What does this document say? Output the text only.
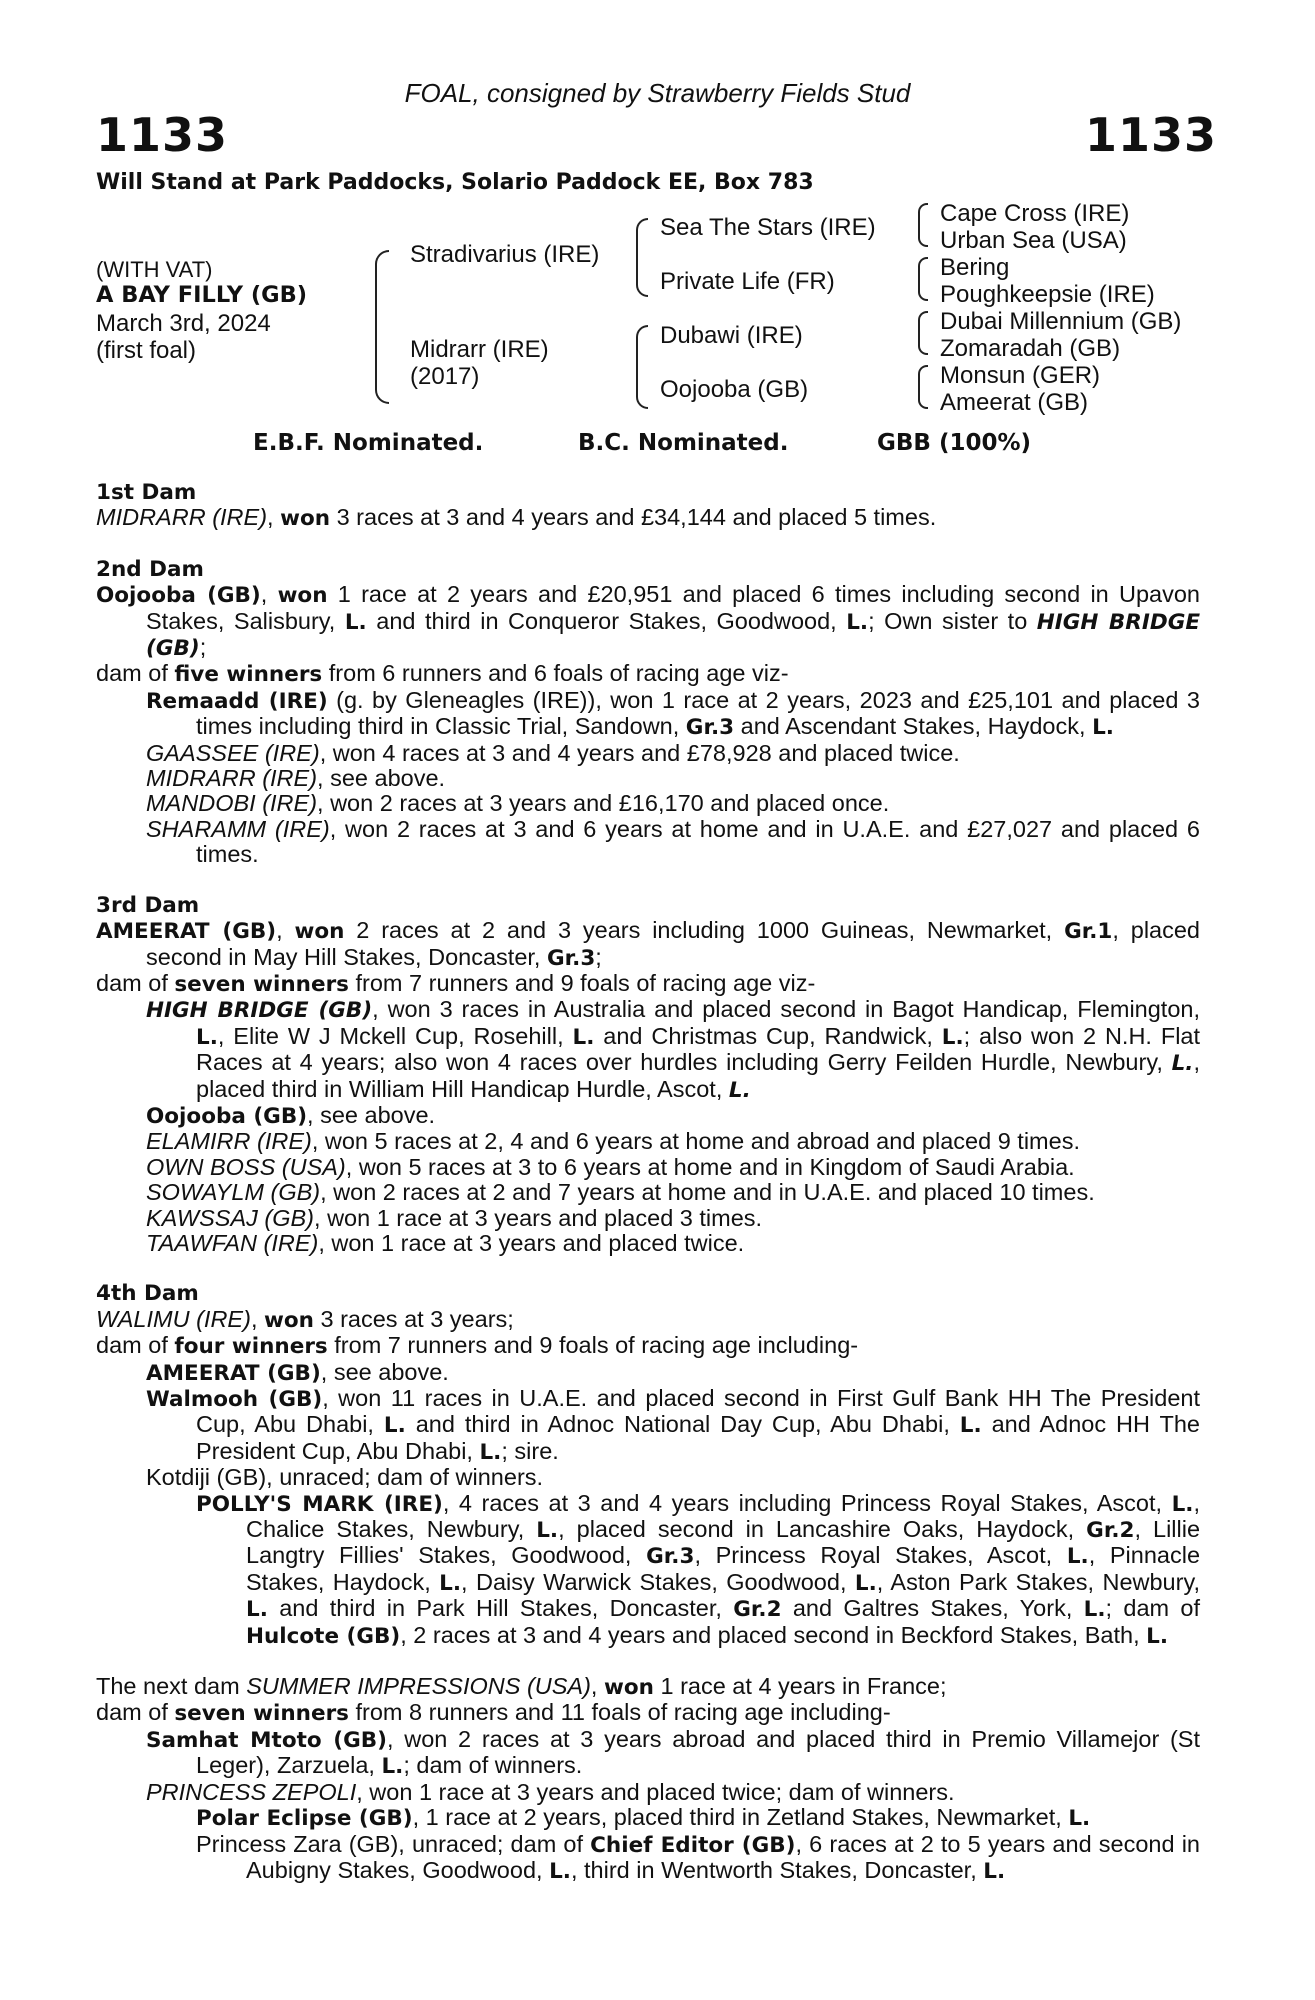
FOAL, consigned by Strawberry Fields Stud
1133	1133
Will Stand at Park Paddocks, Solario Paddock EE, Box 783
(WITH VAT)
A BAY FILLY (GB)
March 3rd, 2024
(first foal)
Stradivarius (IRE)
Midrarr (IRE)
(2017)
Sea The Stars (IRE)
Private Life (FR)
Dubawi (IRE)
Oojooba (GB)
Cape Cross (IRE)
Urban Sea (USA)
Bering
Poughkeepsie (IRE)
Dubai Millennium (GB)
Zomaradah (GB)
Monsun (GER)
Ameerat (GB)
E.B.F. Nominated.	B.C. Nominated.	GBB (100%)

1st Dam

MIDRARR (IRE), won 3 races at 3 and 4 years and £34,144 and placed 5 times.

2nd Dam

Oojooba (GB), won 1 race at 2 years and £20,951 and placed 6 times including second in Upavon Stakes, Salisbury, L. and third in Conqueror Stakes, Goodwood, L.; Own sister to HIGH BRIDGE (GB);

dam of five winners from 6 runners and 6 foals of racing age viz-

Remaadd (IRE) (g. by Gleneagles (IRE)), won 1 race at 2 years, 2023 and £25,101 and placed 3 times including third in Classic Trial, Sandown, Gr.3 and Ascendant Stakes, Haydock, L.

GAASSEE (IRE), won 4 races at 3 and 4 years and £78,928 and placed twice.

MIDRARR (IRE), see above.

MANDOBI (IRE), won 2 races at 3 years and £16,170 and placed once.

SHARAMM (IRE), won 2 races at 3 and 6 years at home and in U.A.E. and £27,027 and placed 6 times.

3rd Dam

AMEERAT (GB), won 2 races at 2 and 3 years including 1000 Guineas, Newmarket, Gr.1, placed second in May Hill Stakes, Doncaster, Gr.3;

dam of seven winners from 7 runners and 9 foals of racing age viz-

HIGH BRIDGE (GB), won 3 races in Australia and placed second in Bagot Handicap, Flemington, L., Elite W J Mckell Cup, Rosehill, L. and Christmas Cup, Randwick, L.; also won 2 N.H. Flat Races at 4 years; also won 4 races over hurdles including Gerry Feilden Hurdle, Newbury, L., placed third in William Hill Handicap Hurdle, Ascot, L.

Oojooba (GB), see above.

ELAMIRR (IRE), won 5 races at 2, 4 and 6 years at home and abroad and placed 9 times.

OWN BOSS (USA), won 5 races at 3 to 6 years at home and in Kingdom of Saudi Arabia.

SOWAYLM (GB), won 2 races at 2 and 7 years at home and in U.A.E. and placed 10 times.

KAWSSAJ (GB), won 1 race at 3 years and placed 3 times.

TAAWFAN (IRE), won 1 race at 3 years and placed twice.

4th Dam

WALIMU (IRE), won 3 races at 3 years;

dam of four winners from 7 runners and 9 foals of racing age including-

AMEERAT (GB), see above.

Walmooh (GB), won 11 races in U.A.E. and placed second in First Gulf Bank HH The President Cup, Abu Dhabi, L. and third in Adnoc National Day Cup, Abu Dhabi, L. and Adnoc HH The President Cup, Abu Dhabi, L.; sire.

Kotdiji (GB), unraced; dam of winners.

POLLY'S MARK (IRE), 4 races at 3 and 4 years including Princess Royal Stakes, Ascot, L., Chalice Stakes, Newbury, L., placed second in Lancashire Oaks, Haydock, Gr.2, Lillie Langtry Fillies' Stakes, Goodwood, Gr.3, Princess Royal Stakes, Ascot, L., Pinnacle Stakes, Haydock, L., Daisy Warwick Stakes, Goodwood, L., Aston Park Stakes, Newbury, L. and third in Park Hill Stakes, Doncaster, Gr.2 and Galtres Stakes, York, L.; dam of Hulcote (GB), 2 races at 3 and 4 years and placed second in Beckford Stakes, Bath, L.

The next dam SUMMER IMPRESSIONS (USA), won 1 race at 4 years in France;

dam of seven winners from 8 runners and 11 foals of racing age including-

Samhat Mtoto (GB), won 2 races at 3 years abroad and placed third in Premio Villamejor (St Leger), Zarzuela, L.; dam of winners.

PRINCESS ZEPOLI, won 1 race at 3 years and placed twice; dam of winners.

Polar Eclipse (GB), 1 race at 2 years, placed third in Zetland Stakes, Newmarket, L.

Princess Zara (GB), unraced; dam of Chief Editor (GB), 6 races at 2 to 5 years and second in Aubigny Stakes, Goodwood, L., third in Wentworth Stakes, Doncaster, L.
